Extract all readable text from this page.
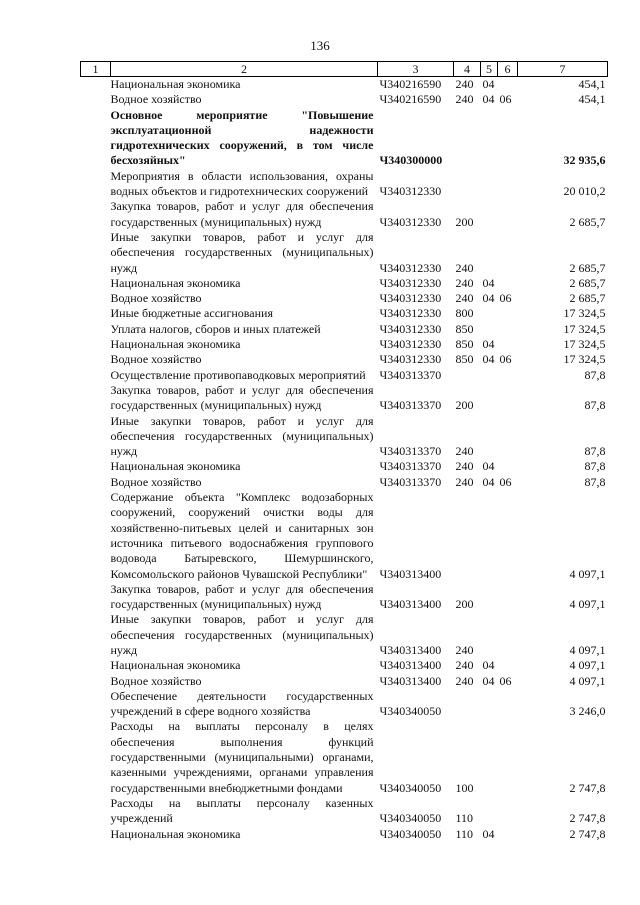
136
1	2	3	4	5	6	7
	Национальная экономика	Ч340216590	240	04		454,1
	Водное хозяйство	Ч340216590	240	04	06	454,1
	Основное мероприятие "Повышение эксплуатационной надежности гидротехнических сооружений, в том числе бесхозяйных"	Ч340300000				32 935,6
	Мероприятия в области использования, охраны водных объектов и гидротехнических сооружений	Ч340312330				20 010,2
	Закупка товаров, работ и услуг для обеспечения государственных (муниципальных) нужд	Ч340312330	200			2 685,7
	Иные закупки товаров, работ и услуг для обеспечения государственных (муниципальных) нужд	Ч340312330	240			2 685,7
	Национальная экономика	Ч340312330	240	04		2 685,7
	Водное хозяйство	Ч340312330	240	04	06	2 685,7
	Иные бюджетные ассигнования	Ч340312330	800			17 324,5
	Уплата налогов, сборов и иных платежей	Ч340312330	850			17 324,5
	Национальная экономика	Ч340312330	850	04		17 324,5
	Водное хозяйство	Ч340312330	850	04	06	17 324,5
	Осуществление противопаводковых мероприятий	Ч340313370				87,8
	Закупка товаров, работ и услуг для обеспечения государственных (муниципальных) нужд	Ч340313370	200			87,8
	Иные закупки товаров, работ и услуг для обеспечения государственных (муниципальных) нужд	Ч340313370	240			87,8
	Национальная экономика	Ч340313370	240	04		87,8
	Водное хозяйство	Ч340313370	240	04	06	87,8
	Содержание объекта "Комплекс водозаборных сооружений, сооружений очистки воды для хозяйственно-питьевых целей и санитарных зон источника питьевого водоснабжения группового водовода Батыревского, Шемуршинского, Комсомольского районов Чувашской Республики"	Ч340313400				4 097,1
	Закупка товаров, работ и услуг для обеспечения государственных (муниципальных) нужд	Ч340313400	200			4 097,1
	Иные закупки товаров, работ и услуг для обеспечения государственных (муниципальных) нужд	Ч340313400	240			4 097,1
	Национальная экономика	Ч340313400	240	04		4 097,1
	Водное хозяйство	Ч340313400	240	04	06	4 097,1
	Обеспечение деятельности государственных учреждений в сфере водного хозяйства	Ч340340050				3 246,0
	Расходы на выплаты персоналу в целях обеспечения выполнения функций государственными (муниципальными) органами, казенными учреждениями, органами управления государственными внебюджетными фондами	Ч340340050	100			2 747,8
	Расходы на выплаты персоналу казенных учреждений	Ч340340050	110			2 747,8
	Национальная экономика	Ч340340050	110	04		2 747,8
